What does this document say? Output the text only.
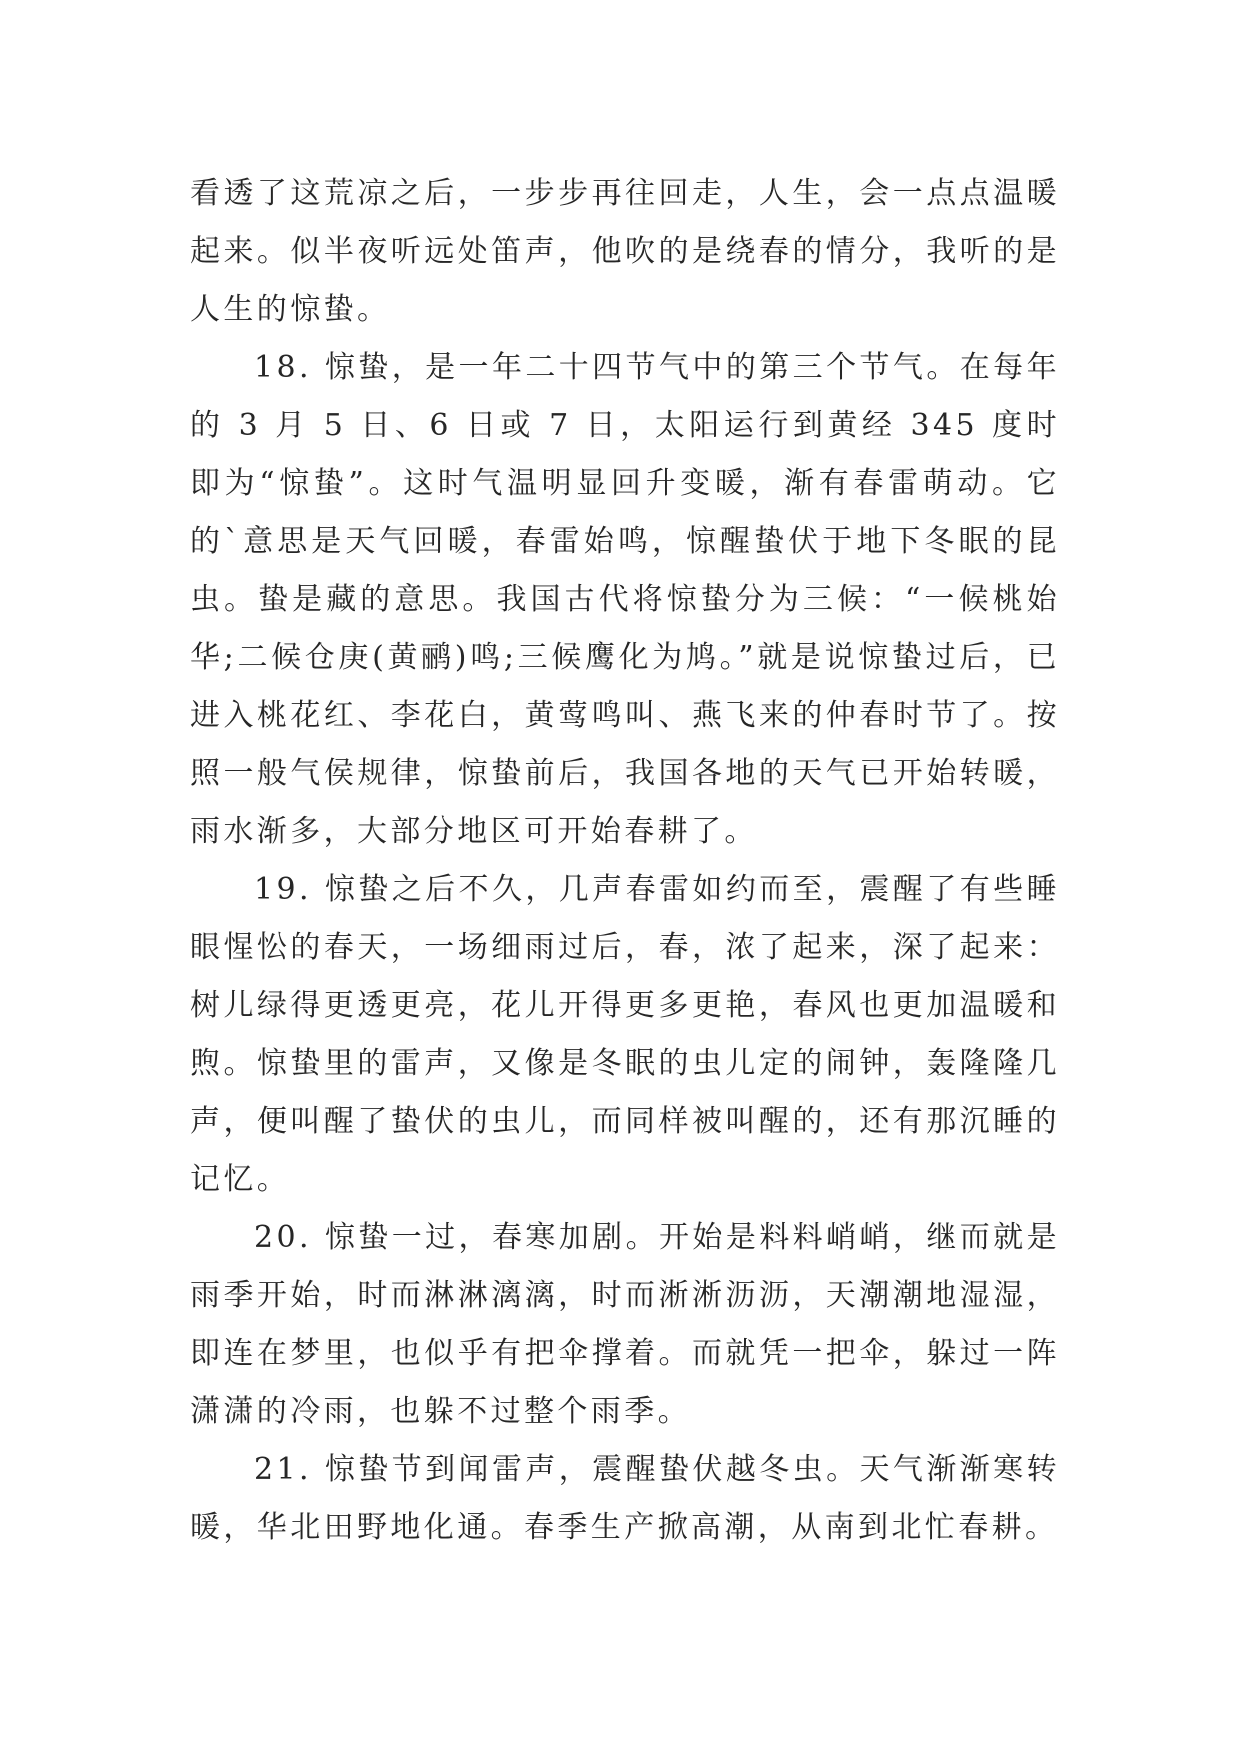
看透了这荒凉之后，一步步再往回走，人生，会一点点温暖起来。似半夜听远处笛声，他吹的是绕春的情分，我听的是人生的惊蛰。

18. 惊蛰，是一年二十四节气中的第三个节气。在每年的 3 月 5 日、6 日或 7 日，太阳运行到黄经 345 度时即为“惊蛰”。这时气温明显回升变暖，渐有春雷萌动。它的`意思是天气回暖，春雷始鸣，惊醒蛰伏于地下冬眠的昆虫。蛰是藏的意思。我国古代将惊蛰分为三候：“一候桃始华;二候仓庚(黄鹂)鸣;三候鹰化为鸠。”就是说惊蛰过后，已进入桃花红、李花白，黄莺鸣叫、燕飞来的仲春时节了。按照一般气侯规律，惊蛰前后，我国各地的天气已开始转暖，雨水渐多，大部分地区可开始春耕了。

19. 惊蛰之后不久，几声春雷如约而至，震醒了有些睡眼惺忪的春天，一场细雨过后，春，浓了起来，深了起来：树儿绿得更透更亮，花儿开得更多更艳，春风也更加温暖和煦。惊蛰里的雷声，又像是冬眠的虫儿定的闹钟，轰隆隆几声，便叫醒了蛰伏的虫儿，而同样被叫醒的，还有那沉睡的记忆。

20. 惊蛰一过，春寒加剧。开始是料料峭峭，继而就是雨季开始，时而淋淋漓漓，时而淅淅沥沥，天潮潮地湿湿，即连在梦里，也似乎有把伞撑着。而就凭一把伞，躲过一阵潇潇的冷雨，也躲不过整个雨季。

21. 惊蛰节到闻雷声，震醒蛰伏越冬虫。天气渐渐寒转暖，华北田野地化通。春季生产掀高潮，从南到北忙春耕。
